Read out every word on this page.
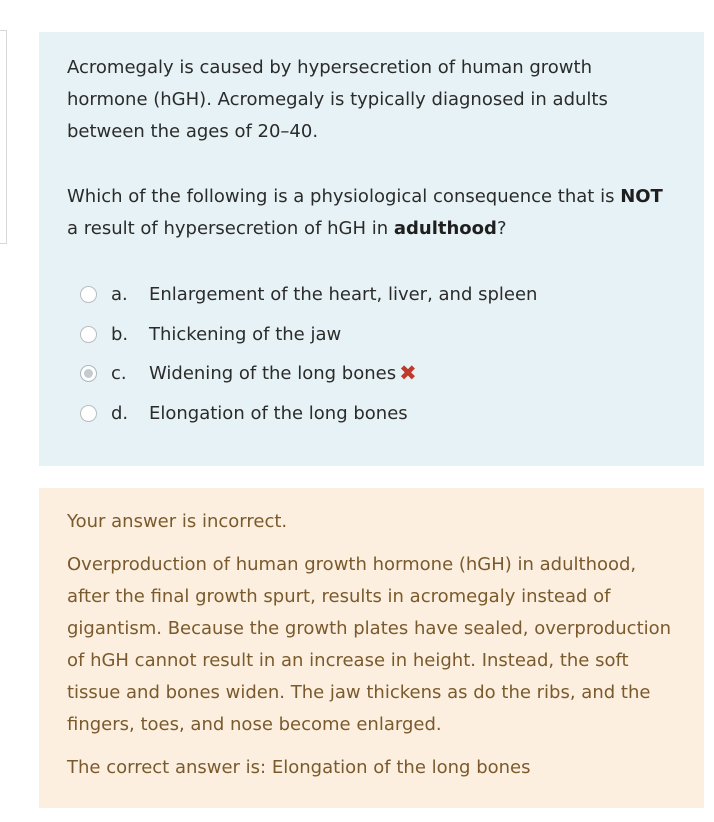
Acromegaly is caused by hypersecretion of human growth hormone (hGH). Acromegaly is typically diagnosed in adults between the ages of 20–40.

Which of the following is a physiological consequence that is NOT a result of hypersecretion of hGH in adulthood?

a.	Enlargement of the heart, liver, and spleen
b.	Thickening of the jaw
c.	Widening of the long bones ✖
d.	Elongation of the long bones

Your answer is incorrect.

Overproduction of human growth hormone (hGH) in adulthood, after the final growth spurt, results in acromegaly instead of gigantism. Because the growth plates have sealed, overproduction of hGH cannot result in an increase in height. Instead, the soft tissue and bones widen. The jaw thickens as do the ribs, and the fingers, toes, and nose become enlarged.

The correct answer is: Elongation of the long bones
